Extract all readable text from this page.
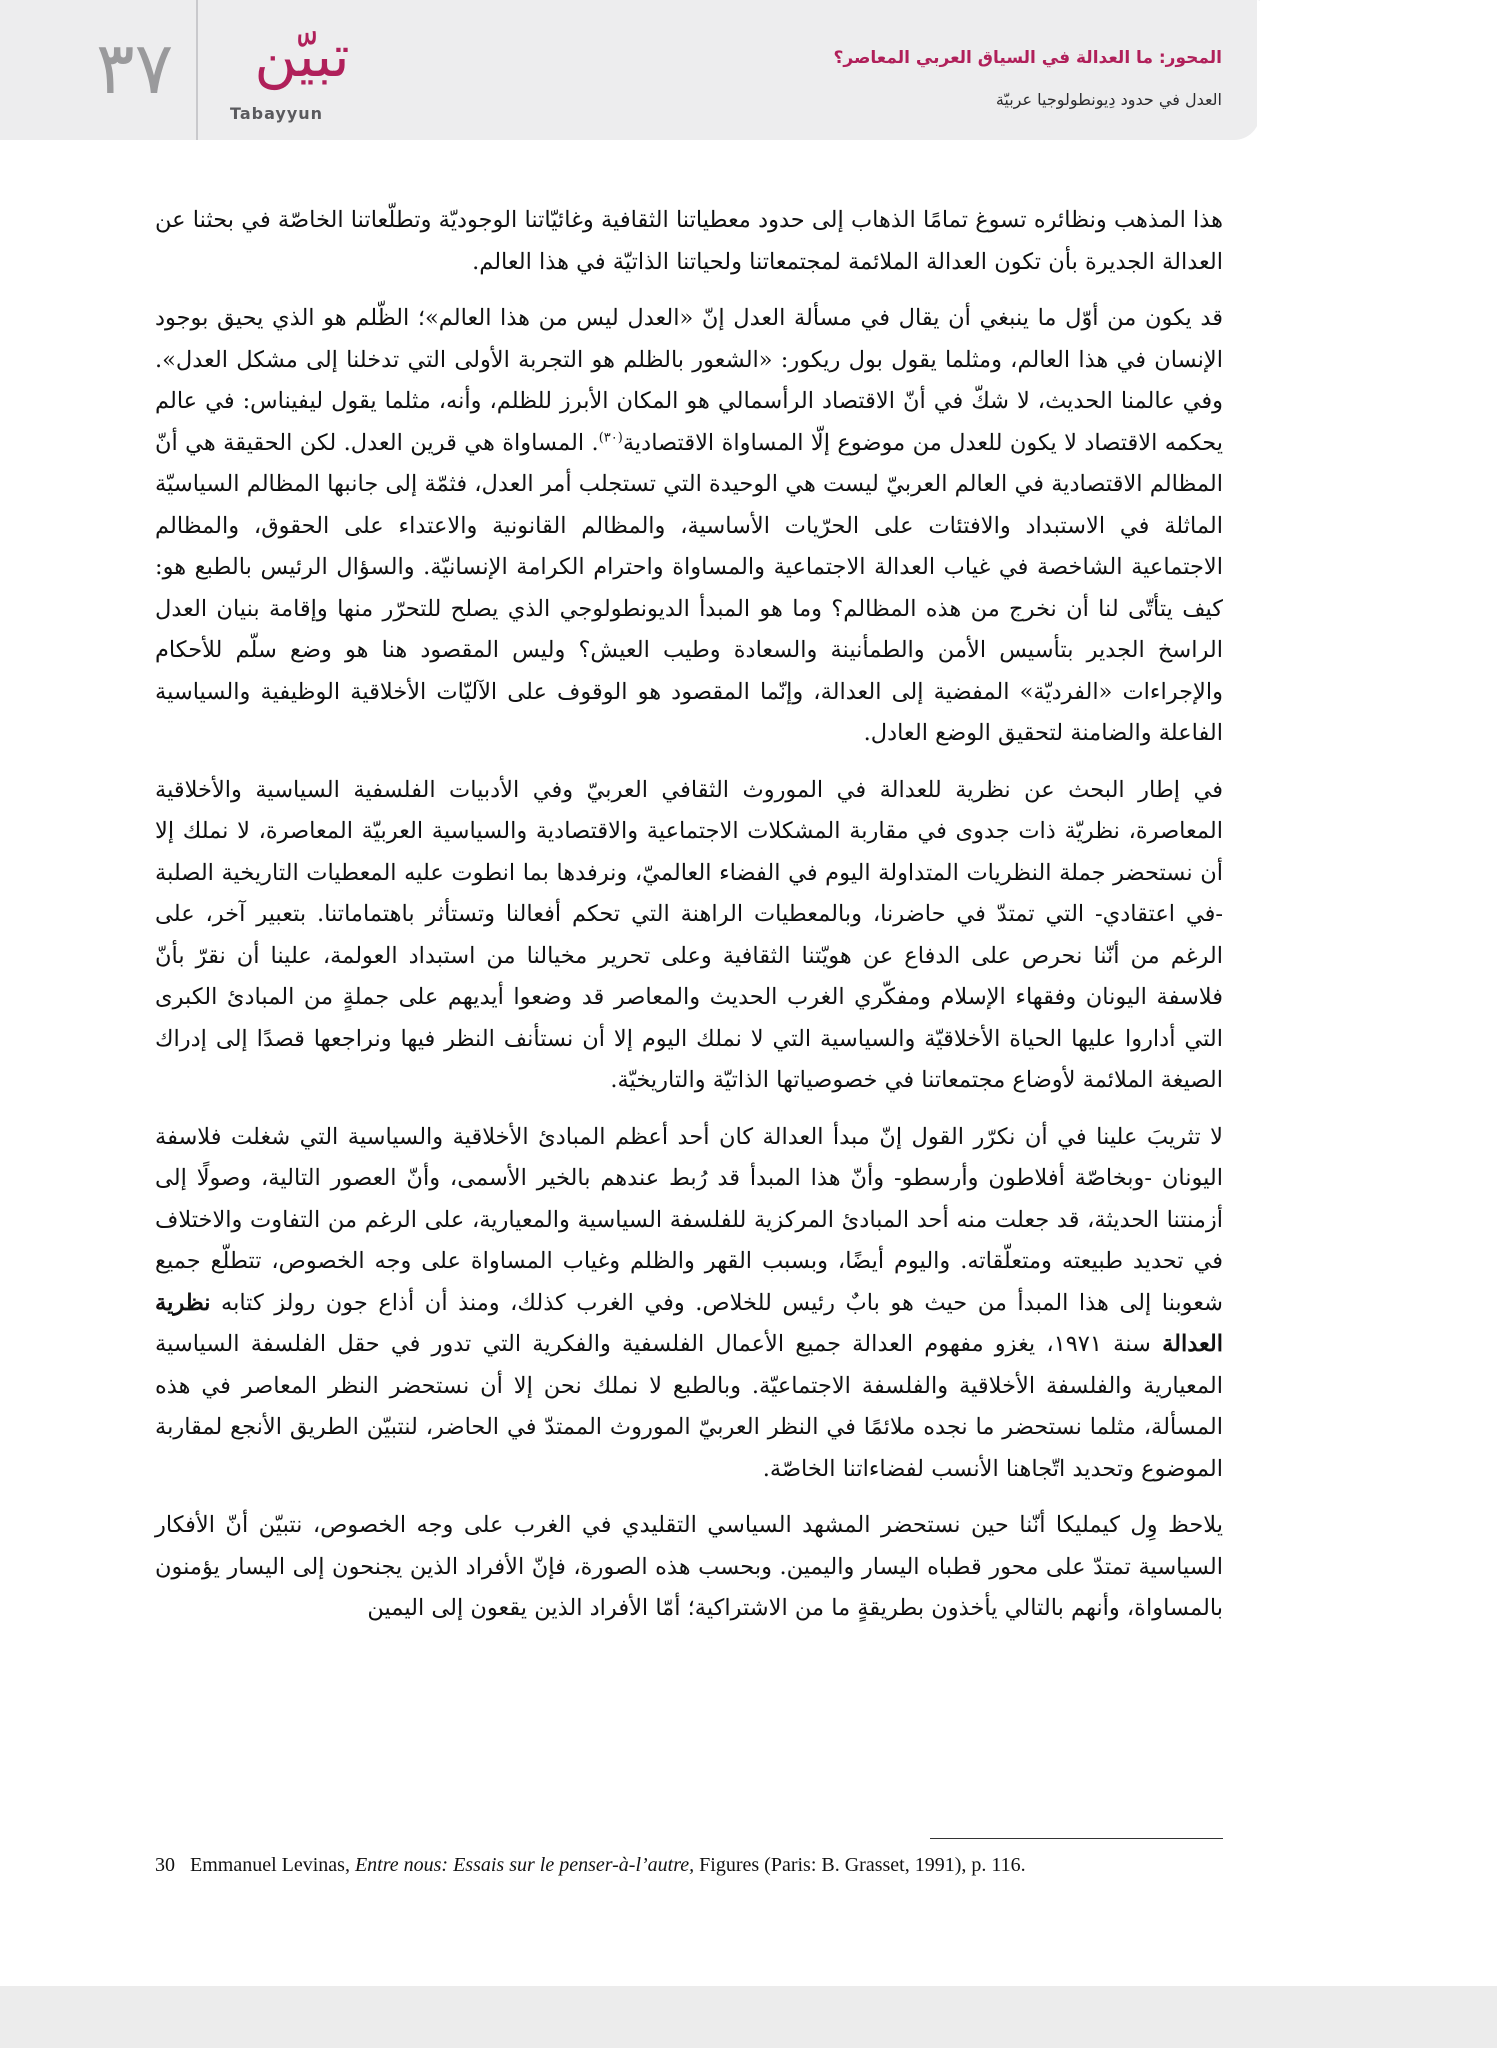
٣٧	تبيّن
Tabayyun
المحور: ما العدالة في السياق العربي المعاصر؟
العدل في حدود دِيونطولوجيا عربيّة

هذا المذهب ونظائره تسوغ تمامًا الذهاب إلى حدود معطياتنا الثقافية وغائيّاتنا الوجوديّة وتطلّعاتنا الخاصّة في بحثنا عن العدالة الجديرة بأن تكون العدالة الملائمة لمجتمعاتنا ولحياتنا الذاتيّة في هذا العالم.

قد يكون من أوّل ما ينبغي أن يقال في مسألة العدل إنّ «العدل ليس من هذا العالم»؛ الظّلم هو الذي يحيق بوجود الإنسان في هذا العالم، ومثلما يقول بول ريكور: «الشعور بالظلم هو التجربة الأولى التي تدخلنا إلى مشكل العدل». وفي عالمنا الحديث، لا شكّ في أنّ الاقتصاد الرأسمالي هو المكان الأبرز للظلم، وأنه، مثلما يقول ليفيناس: في عالم يحكمه الاقتصاد لا يكون للعدل من موضوع إلّا المساواة الاقتصادية$^{(٣٠)}$. المساواة هي قرين العدل. لكن الحقيقة هي أنّ المظالم الاقتصادية في العالم العربيّ ليست هي الوحيدة التي تستجلب أمر العدل، فثمّة إلى جانبها المظالم السياسيّة الماثلة في الاستبداد والافتئات على الحرّيات الأساسية، والمظالم القانونية والاعتداء على الحقوق، والمظالم الاجتماعية الشاخصة في غياب العدالة الاجتماعية والمساواة واحترام الكرامة الإنسانيّة. والسؤال الرئيس بالطبع هو: كيف يتأتّى لنا أن نخرج من هذه المظالم؟ وما هو المبدأ الديونطولوجي الذي يصلح للتحرّر منها وإقامة بنيان العدل الراسخ الجدير بتأسيس الأمن والطمأنينة والسعادة وطيب العيش؟ وليس المقصود هنا هو وضع سلّم للأحكام والإجراءات «الفرديّة» المفضية إلى العدالة، وإنّما المقصود هو الوقوف على الآليّات الأخلاقية الوظيفية والسياسية الفاعلة والضامنة لتحقيق الوضع العادل.

في إطار البحث عن نظرية للعدالة في الموروث الثقافي العربيّ وفي الأدبيات الفلسفية السياسية والأخلاقية المعاصرة، نظريّة ذات جدوى في مقاربة المشكلات الاجتماعية والاقتصادية والسياسية العربيّة المعاصرة، لا نملك إلا أن نستحضر جملة النظريات المتداولة اليوم في الفضاء العالميّ، ونرفدها بما انطوت عليه المعطيات التاريخية الصلبة -في اعتقادي- التي تمتدّ في حاضرنا، وبالمعطيات الراهنة التي تحكم أفعالنا وتستأثر باهتماماتنا. بتعبير آخر، على الرغم من أنّنا نحرص على الدفاع عن هويّتنا الثقافية وعلى تحرير مخيالنا من استبداد العولمة، علينا أن نقرّ بأنّ فلاسفة اليونان وفقهاء الإسلام ومفكّري الغرب الحديث والمعاصر قد وضعوا أيديهم على جملةٍ من المبادئ الكبرى التي أداروا عليها الحياة الأخلاقيّة والسياسية التي لا نملك اليوم إلا أن نستأنف النظر فيها ونراجعها قصدًا إلى إدراك الصيغة الملائمة لأوضاع مجتمعاتنا في خصوصياتها الذاتيّة والتاريخيّة.

لا تثريبَ علينا في أن نكرّر القول إنّ مبدأ العدالة كان أحد أعظم المبادئ الأخلاقية والسياسية التي شغلت فلاسفة اليونان -وبخاصّة أفلاطون وأرسطو- وأنّ هذا المبدأ قد رُبط عندهم بالخير الأسمى، وأنّ العصور التالية، وصولًا إلى أزمنتنا الحديثة، قد جعلت منه أحد المبادئ المركزية للفلسفة السياسية والمعيارية، على الرغم من التفاوت والاختلاف في تحديد طبيعته ومتعلّقاته. واليوم أيضًا، وبسبب القهر والظلم وغياب المساواة على وجه الخصوص، تتطلّع جميع شعوبنا إلى هذا المبدأ من حيث هو بابٌ رئيس للخلاص. وفي الغرب كذلك، ومنذ أن أذاع جون رولز كتابه نظرية العدالة سنة ١٩٧١، يغزو مفهوم العدالة جميع الأعمال الفلسفية والفكرية التي تدور في حقل الفلسفة السياسية المعيارية والفلسفة الأخلاقية والفلسفة الاجتماعيّة. وبالطبع لا نملك نحن إلا أن نستحضر النظر المعاصر في هذه المسألة، مثلما نستحضر ما نجده ملائمًا في النظر العربيّ الموروث الممتدّ في الحاضر، لنتبيّن الطريق الأنجع لمقاربة الموضوع وتحديد اتّجاهنا الأنسب لفضاءاتنا الخاصّة.

يلاحظ وِل كيمليكا أنّنا حين نستحضر المشهد السياسي التقليدي في الغرب على وجه الخصوص، نتبيّن أنّ الأفكار السياسية تمتدّ على محور قطباه اليسار واليمين. وبحسب هذه الصورة، فإنّ الأفراد الذين يجنحون إلى اليسار يؤمنون بالمساواة، وأنهم بالتالي يأخذون بطريقةٍ ما من الاشتراكية؛ أمّا الأفراد الذين يقعون إلى اليمين

30 Emmanuel Levinas, Entre nous: Essais sur le penser-à-l’autre, Figures (Paris: B. Grasset, 1991), p. 116.
